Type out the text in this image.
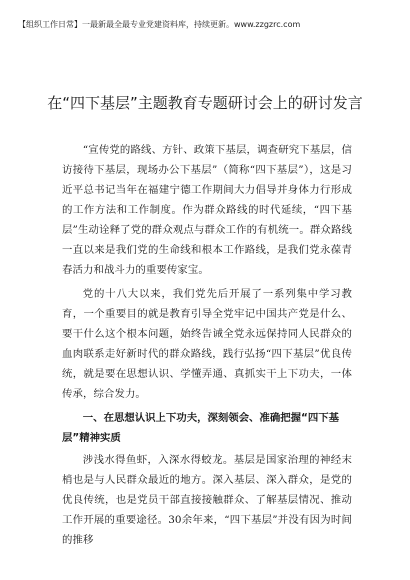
【组织工作日常】一最新最全最专业党建资料库，持续更新。www.zzgzrc.com
在“四下基层”主题教育专题研讨会上的研讨发言

“宣传党的路线、方针、政策下基层，调查研究下基层，信访接待下基层，现场办公下基层”（简称“四下基层”），这是习近平总书记当年在福建宁德工作期间大力倡导并身体力行形成的工作方法和工作制度。作为群众路线的时代延续，“四下基层”生动诠释了党的群众观点与群众工作的有机统一。群众路线一直以来是我们党的生命线和根本工作路线，是我们党永葆青春活力和战斗力的重要传家宝。

党的十八大以来，我们党先后开展了一系列集中学习教育，一个重要目的就是教育引导全党牢记中国共产党是什么、要干什么这个根本问题，始终告诫全党永远保持同人民群众的血肉联系走好新时代的群众路线，践行弘扬“四下基层”优良传统，就是要在思想认识、学懂弄通、真抓实干上下功夫，一体传承，综合发力。

一、在思想认识上下功夫，深刻领会、准确把握“四下基层”精神实质

涉浅水得鱼虾，入深水得蛟龙。基层是国家治理的神经末梢也是与人民群众最近的地方。深入基层、深入群众，是党的优良传统，也是党员干部直接接触群众、了解基层情况、推动工作开展的重要途径。30余年来，“四下基层”并没有因为时间的推移
